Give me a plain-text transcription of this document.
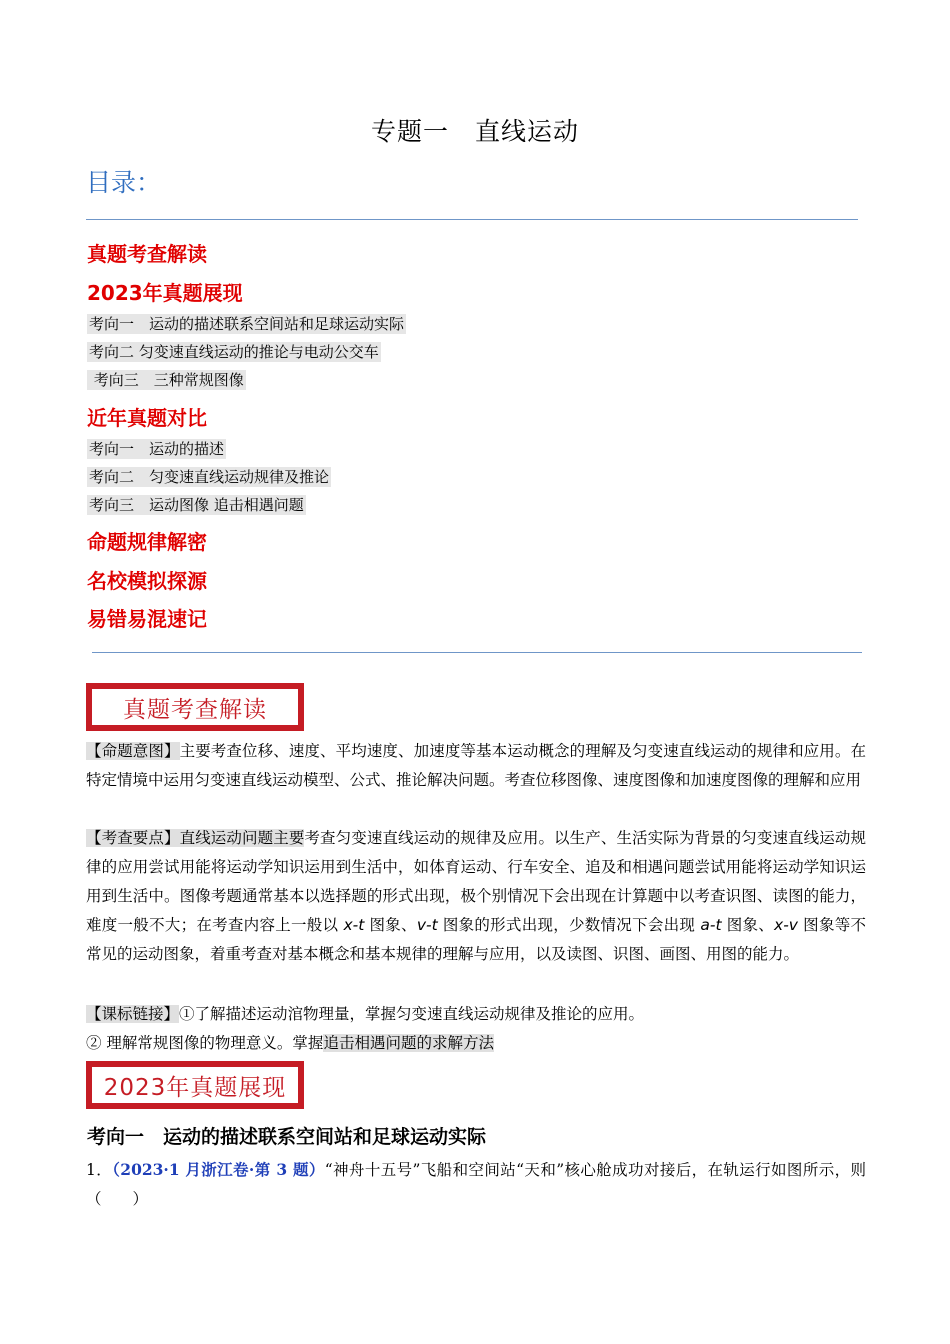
专题一　直线运动
目录：
真题考查解读
2023年真题展现
考向一　运动的描述联系空间站和足球运动实际
考向二 匀变速直线运动的推论与电动公交车
考向三　三种常规图像
近年真题对比
考向一　运动的描述
考向二　匀变速直线运动规律及推论
考向三　运动图像 追击相遇问题
命题规律解密
名校模拟探源
易错易混速记
真题考查解读
【命题意图】主要考查位移、速度、平均速度、加速度等基本运动概念的理解及匀变速直线运动的规律和应用。在特定情境中运用匀变速直线运动模型、公式、推论解决问题。考查位移图像、速度图像和加速度图像的理解和应用
【考查要点】直线运动问题主要考查匀变速直线运动的规律及应用。以生产、生活实际为背景的匀变速直线运动规律的应用尝试用能将运动学知识运用到生活中，如体育运动、行车安全、追及和相遇问题尝试用能将运动学知识运用到生活中。图像考题通常基本以选择题的形式出现，极个别情况下会出现在计算题中以考查识图、读图的能力，难度一般不大；在考查内容上一般以 x-t 图象、v-t 图象的形式出现，少数情况下会出现 a-t 图象、x-v 图象等不常见的运动图象，着重考查对基本概念和基本规律的理解与应用，以及读图、识图、画图、用图的能力。
【课标链接】①了解描述运动涫物理量，掌握匀变速直线运动规律及推论的应用。
② 理解常规图像的物理意义。掌握追击相遇问题的求解方法
2023年真题展现
考向一　运动的描述联系空间站和足球运动实际
1．（2023·1 月浙江卷·第 3 题）“神舟十五号”飞船和空间站“天和”核心舱成功对接后，在轨运行如图所示，则（　　）
